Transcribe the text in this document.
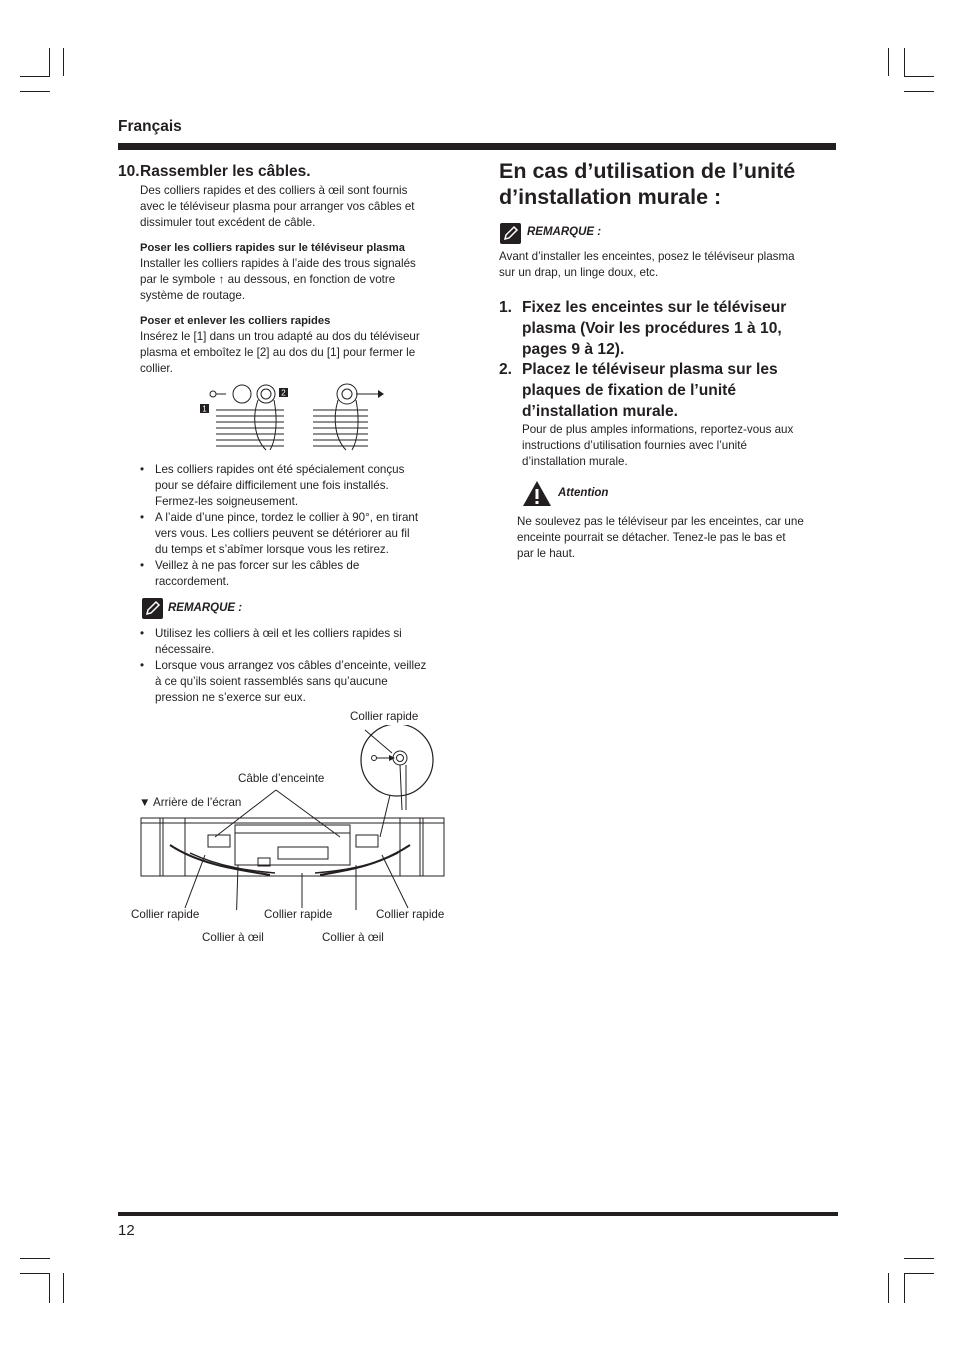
Français
10.Rassembler les câbles.
Des colliers rapides et des colliers à œil sont fournis
avec le téléviseur plasma pour arranger vos câbles et
dissimuler tout excédent de câble.
Poser les colliers rapides sur le téléviseur plasma
Installer les colliers rapides à l’aide des trous signalés
par le symbole ↑ au dessous, en fonction de votre
système de routage.
Poser et enlever les colliers rapides
Insérez le [1] dans un trou adapté au dos du téléviseur
plasma et emboîtez le [2] au dos du [1] pour fermer le
collier.
1
2
• Les colliers rapides ont été spécialement conçus
pour se défaire difficilement une fois installés.
Fermez-les soigneusement.
• A l’aide d’une pince, tordez le collier à 90°, en tirant
vers vous. Les colliers peuvent se détériorer au fil
du temps et s’abîmer lorsque vous les retirez.
• Veillez à ne pas forcer sur les câbles de
raccordement.
REMARQUE :
• Utilisez les colliers à œil et les colliers rapides si
nécessaire.
• Lorsque vous arrangez vos câbles d’enceinte, veillez
à ce qu’ils soient rassemblés sans qu’aucune
pression ne s’exerce sur eux.
Collier rapide
Câble d’enceinte
▼ Arrière de l’écran
Collier rapide	Collier rapide	Collier rapide
Collier à œil	Collier à œil
En cas d’utilisation de l’unité
d’installation murale :
REMARQUE :
Avant d’installer les enceintes, posez le téléviseur plasma
sur un drap, un linge doux, etc.
1. Fixez les enceintes sur le téléviseur
plasma (Voir les procédures 1 à 10,
pages 9 à 12).
2. Placez le téléviseur plasma sur les
plaques de fixation de l’unité
d’installation murale.
Pour de plus amples informations, reportez-vous aux
instructions d’utilisation fournies avec l’unité
d’installation murale.
Attention
Ne soulevez pas le téléviseur par les enceintes, car une
enceinte pourrait se détacher. Tenez-le pas le bas et
par le haut.
12
